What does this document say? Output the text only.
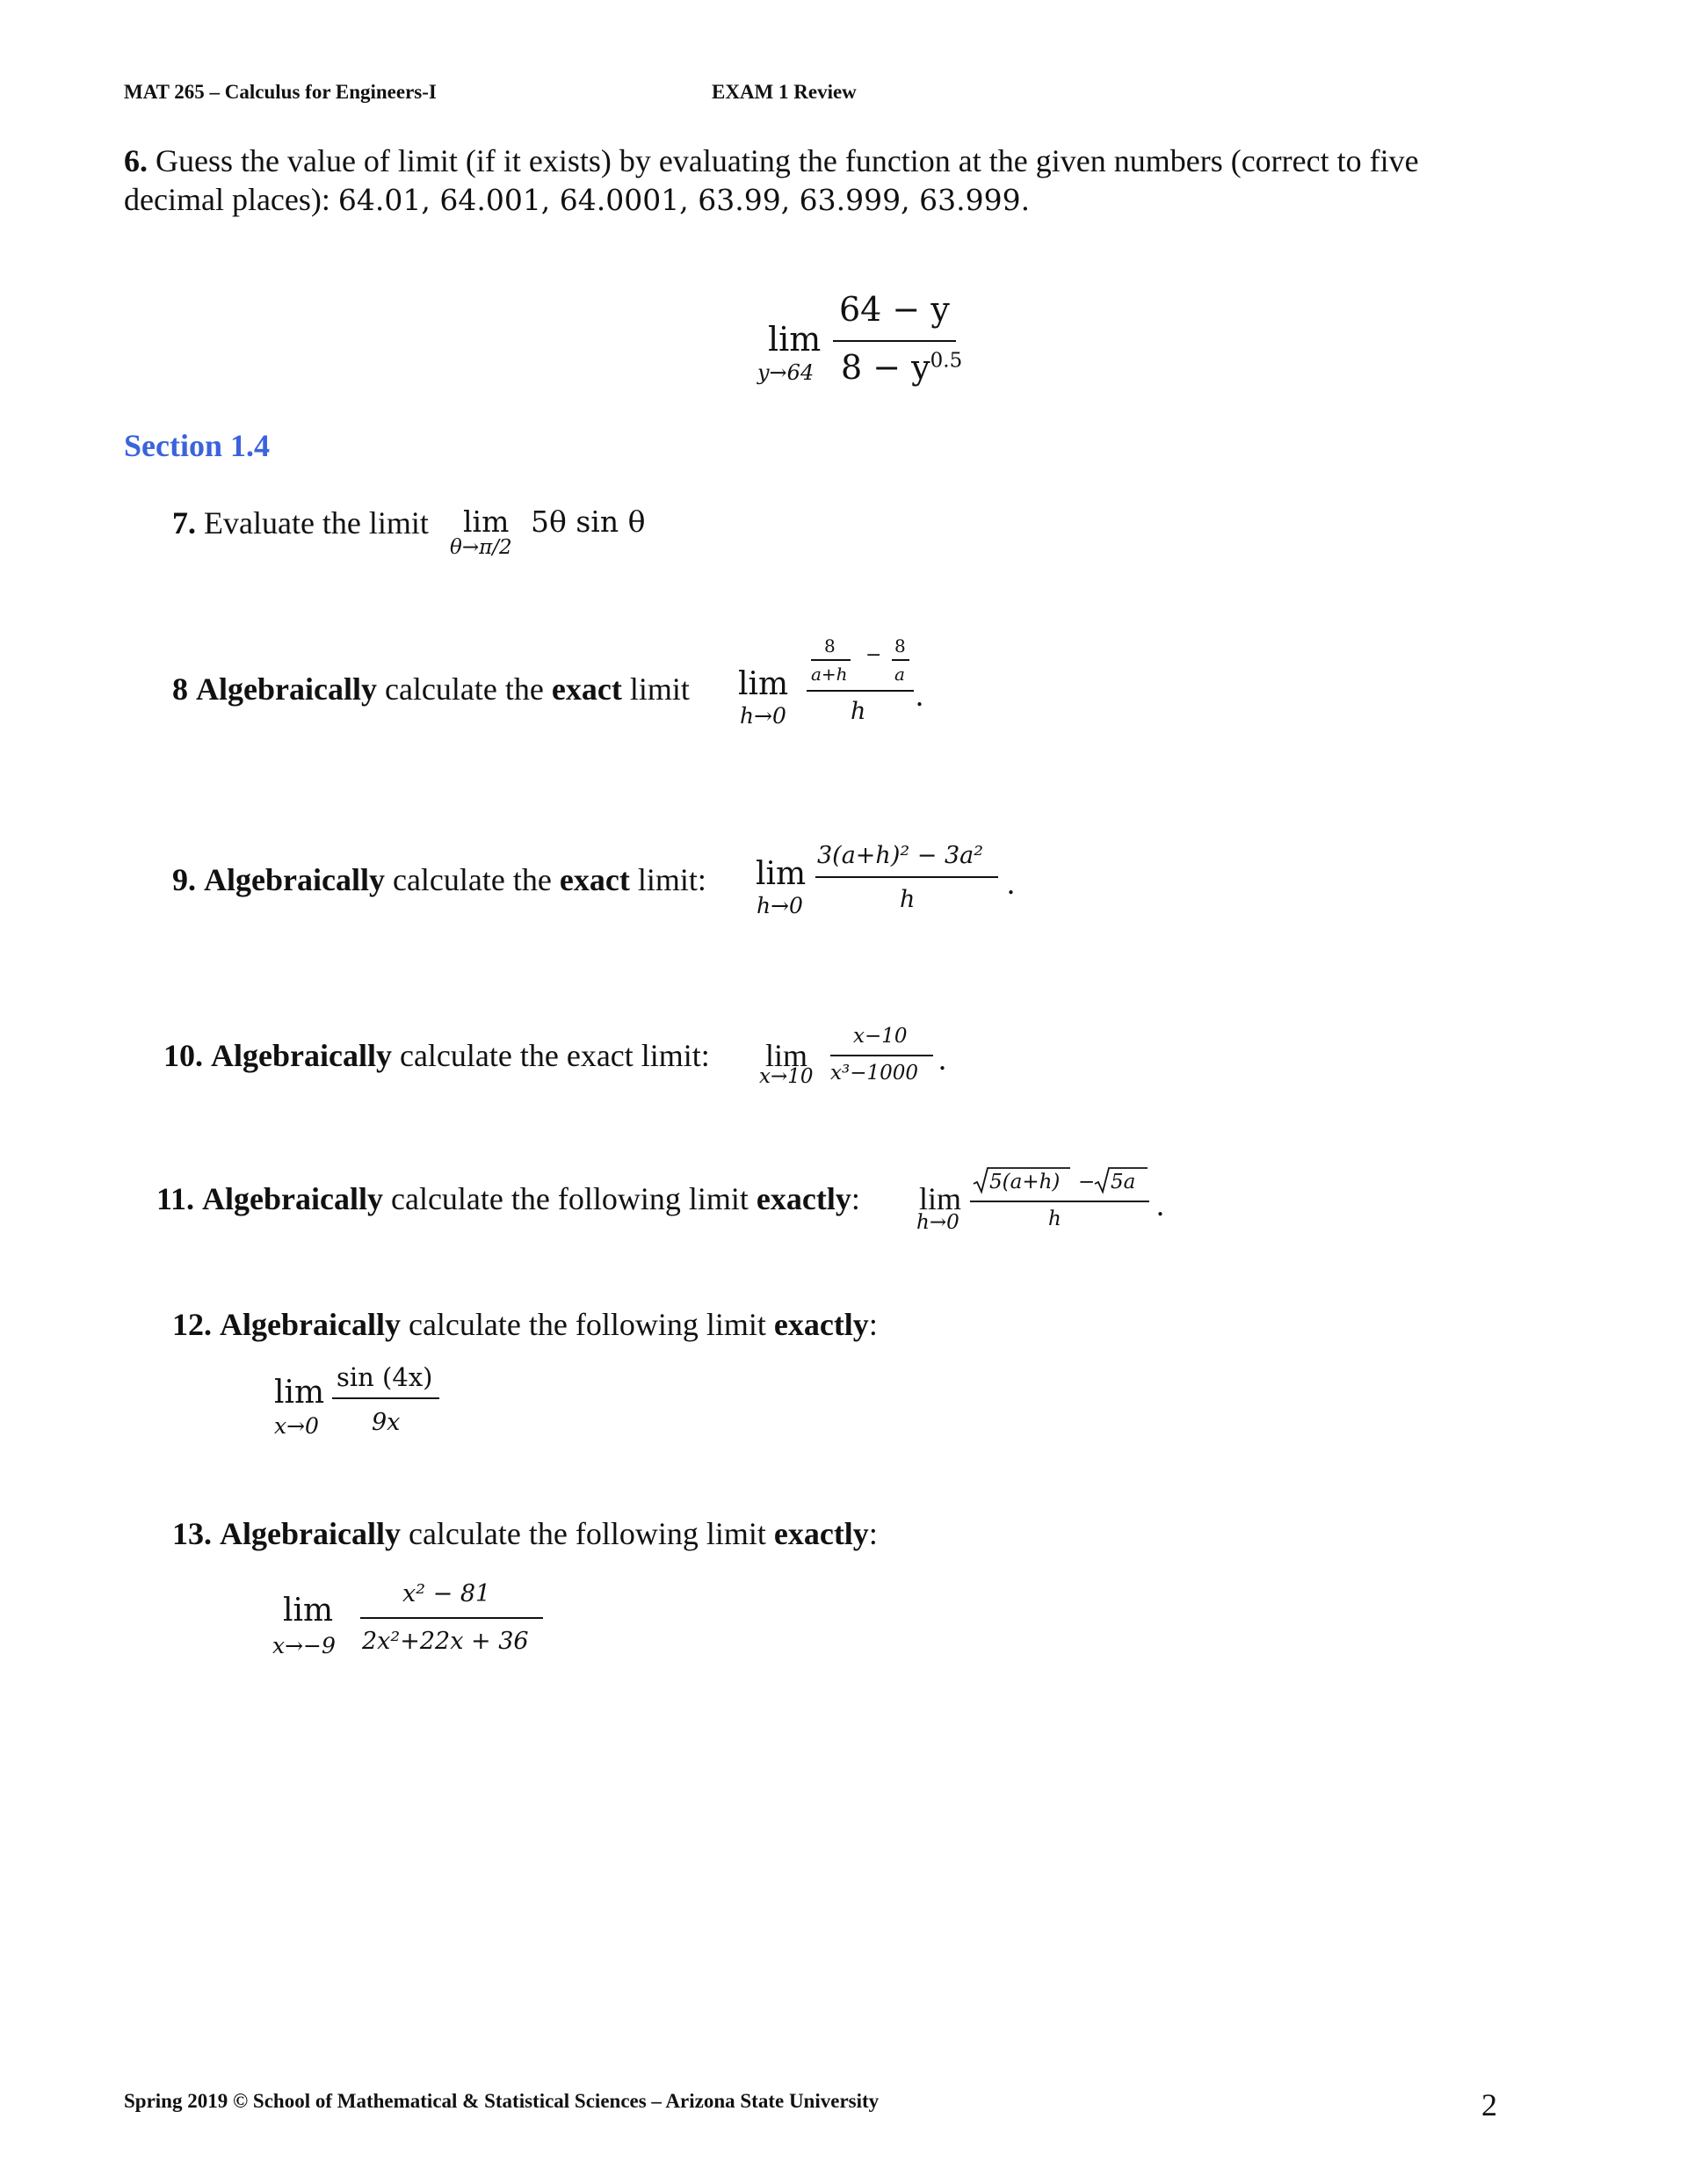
MAT 265 – Calculus for Engineers-I	EXAM 1 Review
6. Guess the value of limit (if it exists) by evaluating the function at the given numbers (correct to five
decimal places): 64.01, 64.001, 64.0001, 63.99, 63.999, 63.999.
lim
y→64
64 − y
$8 - y^{0.5}$
Section 1.4
7. Evaluate the limit lim
θ→π/2
5θ sin θ
8 Algebraically calculate the exact limit lim
h→0
8
a+h
− 8
a
h .
9. Algebraically calculate the exact limit: lim
h→0
3(a+h)² − 3a²
h	.
10. Algebraically calculate the exact limit: lim
x→10
x−10
x³−1000 .
11. Algebraically calculate the following limit exactly: lim
h→0
5(a+h) − 5a
h	.
12. Algebraically calculate the following limit exactly:
lim
x→0
sin (4x)
9x
13. Algebraically calculate the following limit exactly:
lim
x→−9
x² − 81
2x²+22x + 36
Spring 2019 © School of Mathematical & Statistical Sciences – Arizona State University	2
